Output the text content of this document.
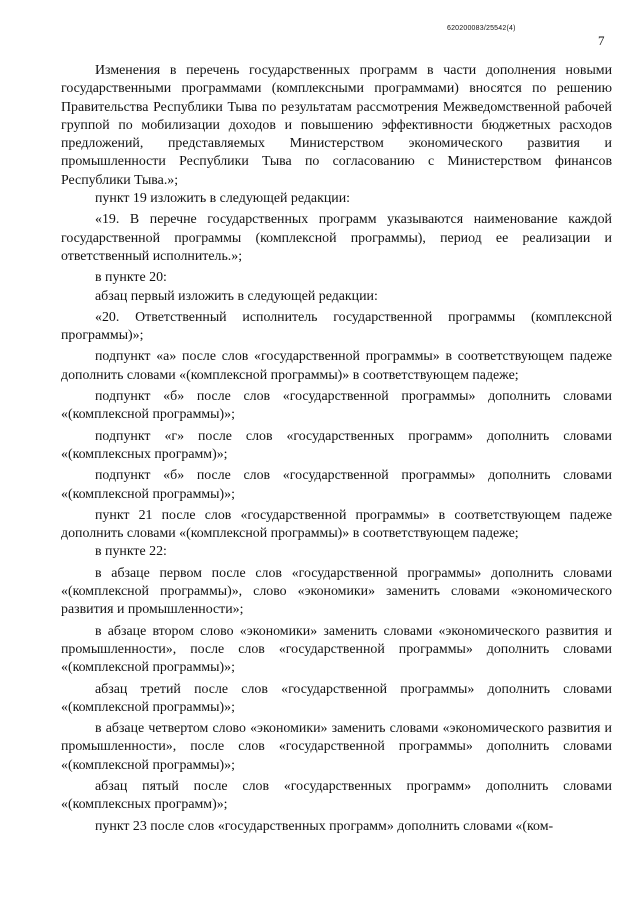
620200083/25542(4)
7

Изменения в перечень государственных программ в части дополнения новыми государственными программами (комплексными программами) вносятся по решению Правительства Республики Тыва по результатам рассмотрения Межведомственной рабочей группой по мобилизации доходов и повышению эффективности бюджетных расходов предложений, представляемых Министерством экономического развития и промышленности Республики Тыва по согласованию с Министерством финансов Республики Тыва.»;

пункт 19 изложить в следующей редакции:

«19. В перечне государственных программ указываются наименование каждой государственной программы (комплексной программы), период ее реализации и ответственный исполнитель.»;

в пункте 20:

абзац первый изложить в следующей редакции:

«20. Ответственный исполнитель государственной программы (комплексной программы)»;

подпункт «а» после слов «государственной программы» в соответствующем падеже дополнить словами «(комплексной программы)» в соответствующем падеже;

подпункт «б» после слов «государственной программы» дополнить словами «(комплексной программы)»;

подпункт «г» после слов «государственных программ» дополнить словами «(комплексных программ)»;

подпункт «б» после слов «государственной программы» дополнить словами «(комплексной программы)»;

пункт 21 после слов «государственной программы» в соответствующем падеже дополнить словами «(комплексной программы)» в соответствующем падеже;

в пункте 22:

в абзаце первом после слов «государственной программы» дополнить словами «(комплексной программы)», слово «экономики» заменить словами «экономического развития и промышленности»;

в абзаце втором слово «экономики» заменить словами «экономического развития и промышленности», после слов «государственной программы» дополнить словами «(комплексной программы)»;

абзац третий после слов «государственной программы» дополнить словами «(комплексной программы)»;

в абзаце четвертом слово «экономики» заменить словами «экономического развития и промышленности», после слов «государственной программы» дополнить словами «(комплексной программы)»;

абзац пятый после слов «государственных программ» дополнить словами «(комплексных программ)»;

пункт 23 после слов «государственных программ» дополнить словами «(ком-
